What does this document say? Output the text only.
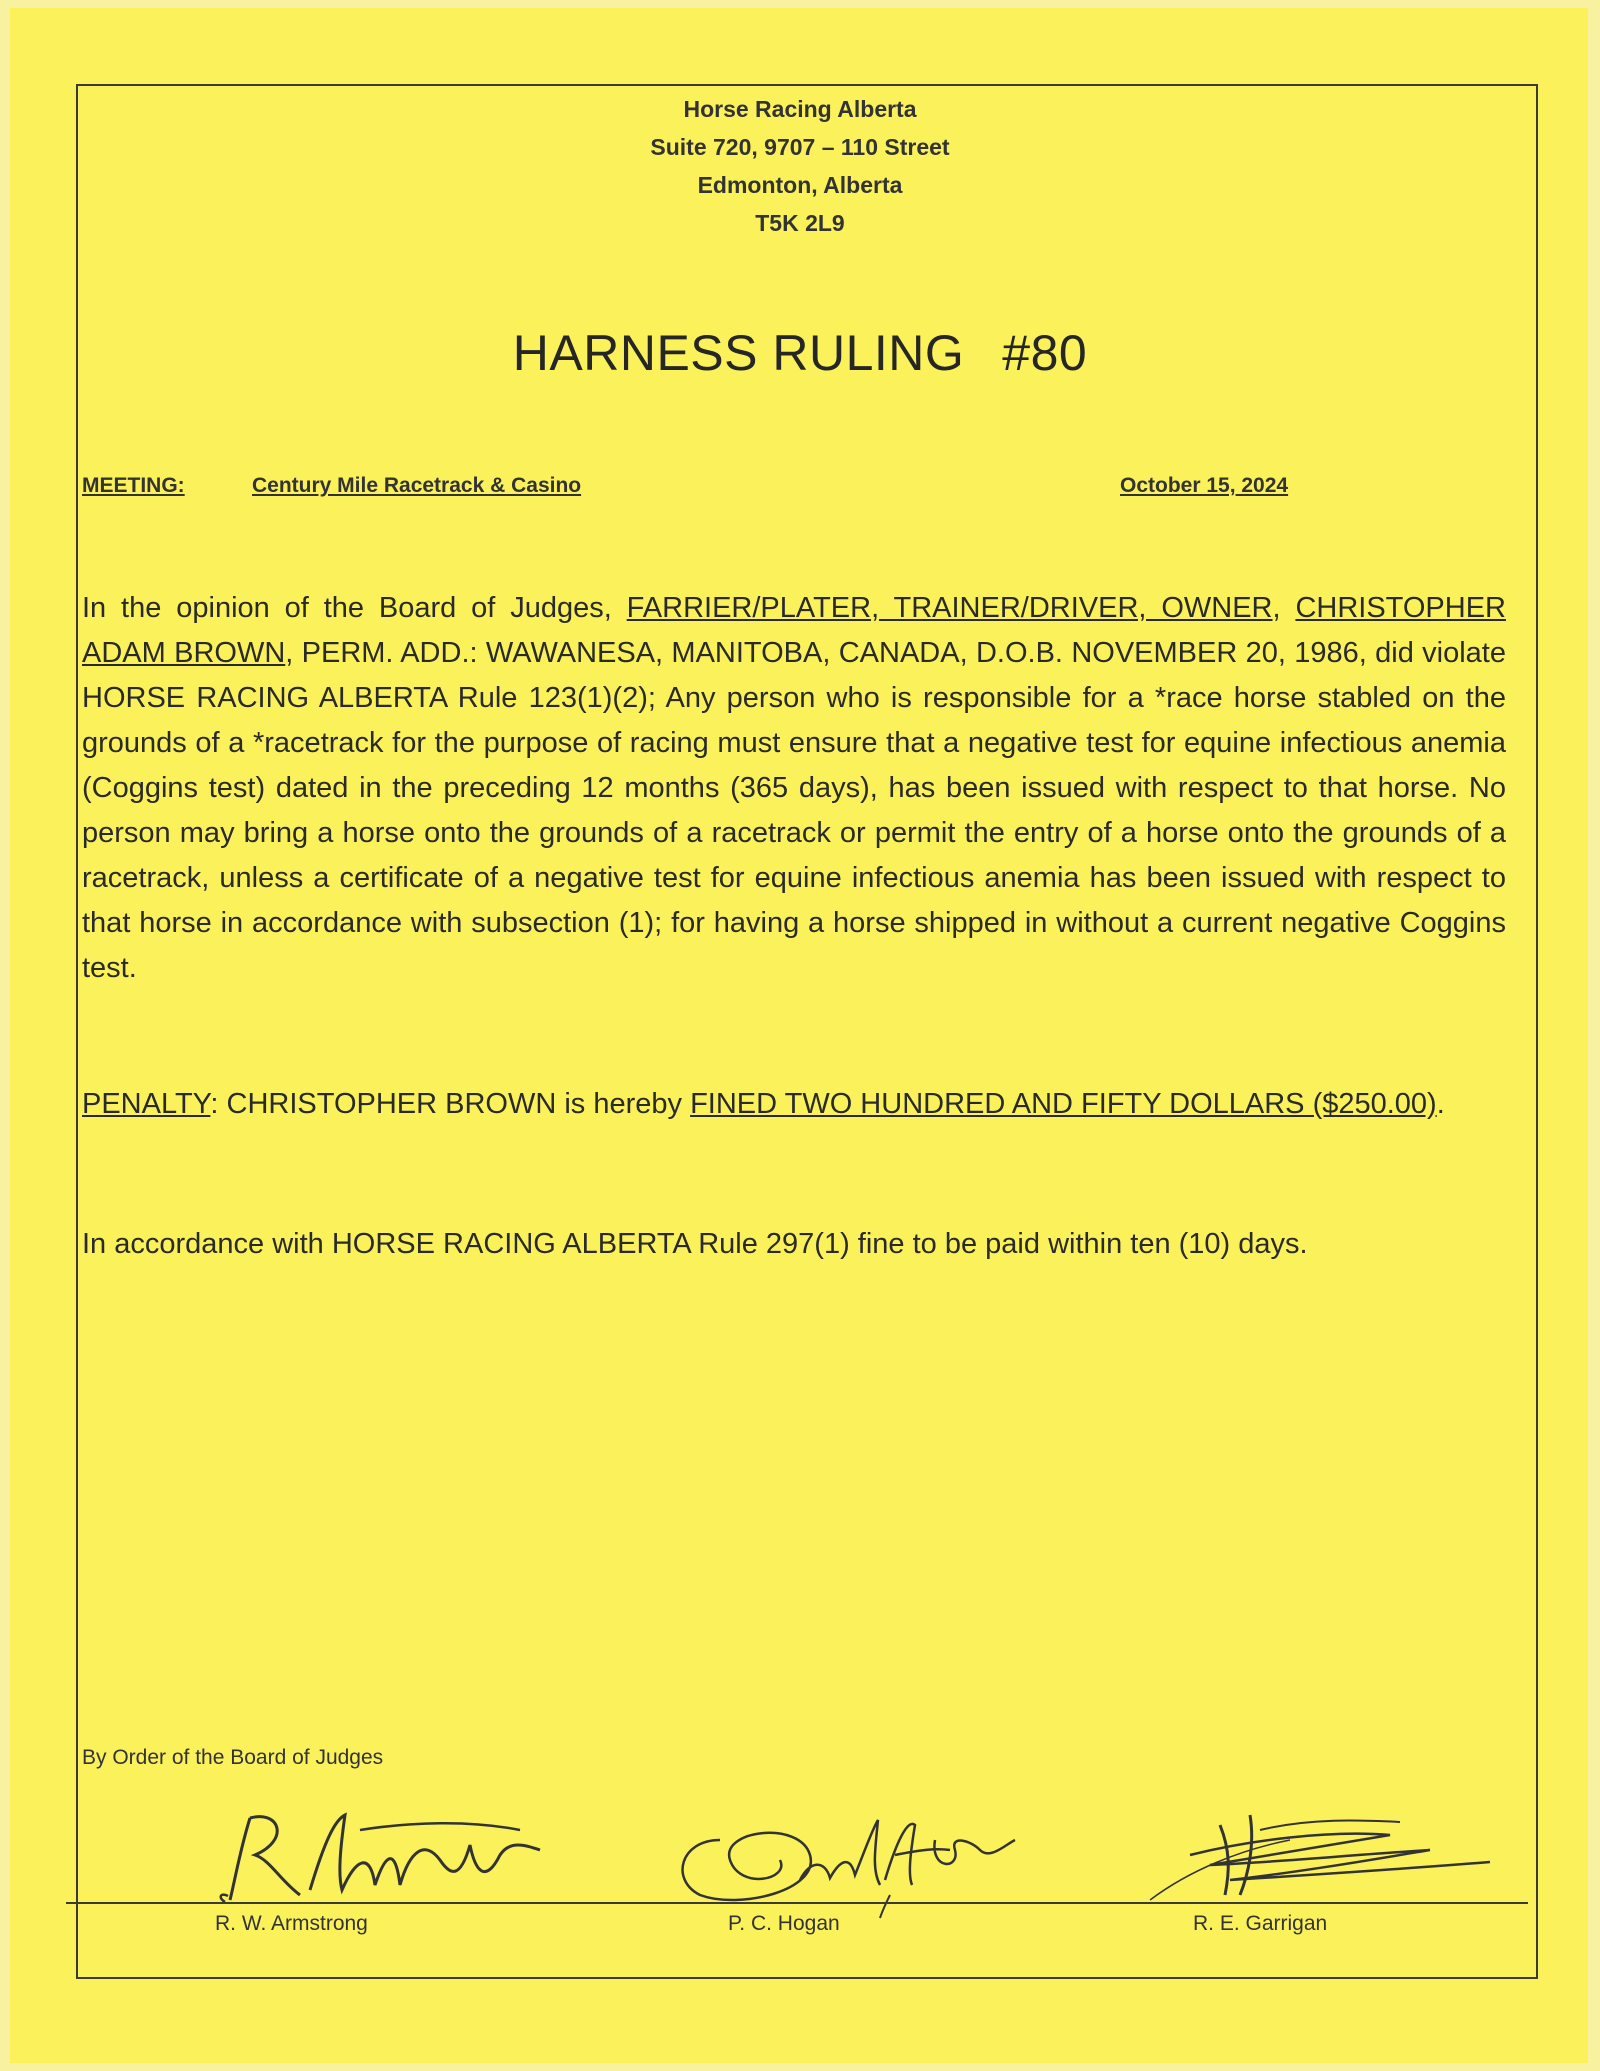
Horse Racing Alberta
Suite 720, 9707 – 110 Street
Edmonton, Alberta
T5K 2L9
HARNESS RULING #80
MEETING:	Century Mile Racetrack & Casino	October 15, 2024
In the opinion of the Board of Judges, FARRIER/PLATER, TRAINER/DRIVER, OWNER, CHRISTOPHER ADAM BROWN, PERM. ADD.: WAWANESA, MANITOBA, CANADA, D.O.B. NOVEMBER 20, 1986, did violate HORSE RACING ALBERTA Rule 123(1)(2); Any person who is responsible for a *race horse stabled on the grounds of a *racetrack for the purpose of racing must ensure that a negative test for equine infectious anemia (Coggins test) dated in the preceding 12 months (365 days), has been issued with respect to that horse. No person may bring a horse onto the grounds of a racetrack or permit the entry of a horse onto the grounds of a racetrack, unless a certificate of a negative test for equine infectious anemia has been issued with respect to that horse in accordance with subsection (1); for having a horse shipped in without a current negative Coggins test.
PENALTY: CHRISTOPHER BROWN is hereby FINED TWO HUNDRED AND FIFTY DOLLARS ($250.00).
In accordance with HORSE RACING ALBERTA Rule 297(1) fine to be paid within ten (10) days.
By Order of the Board of Judges
R. W. Armstrong	P. C. Hogan	R. E. Garrigan
